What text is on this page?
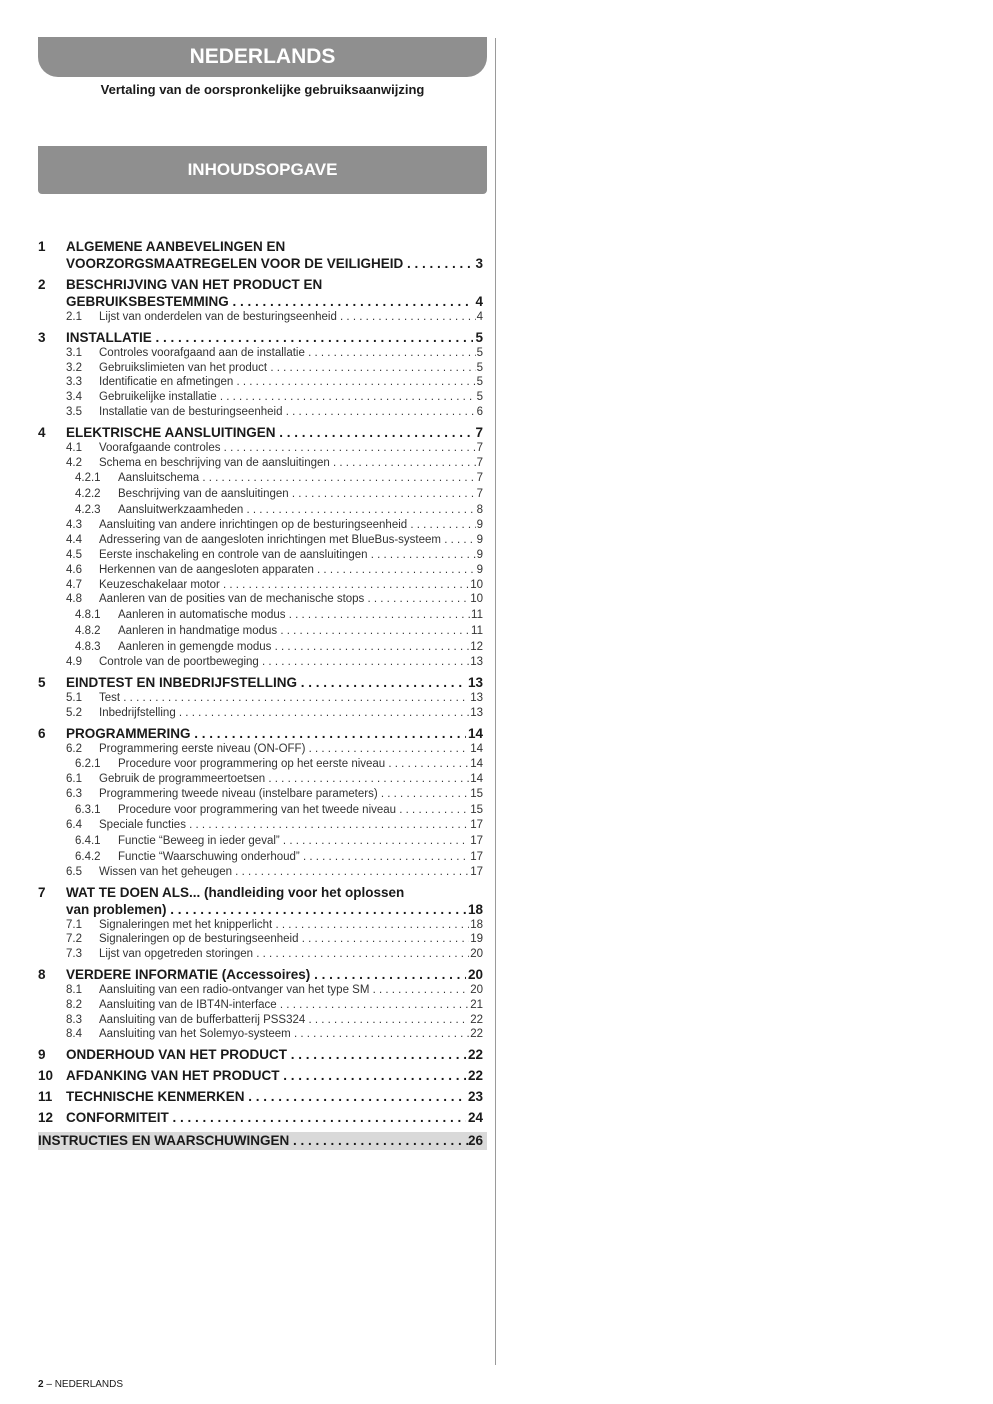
NEDERLANDS
Vertaling van de oorspronkelijke gebruiksaanwijzing
INHOUDSOPGAVE
1	ALGEMENE AANBEVELINGEN EN
VOORZORGSMAATREGELEN VOOR DE VEILIGHEID . . .	3
2	BESCHRIJVING VAN HET PRODUCT EN
GEBRUIKSBESTEMMING . . .	4
2.1	Lijst van onderdelen van de besturingseenheid . . .	4
3	INSTALLATIE . . .	5
3.1	Controles voorafgaand aan de installatie . . .	5
3.2	Gebruikslimieten van het product . . .	5
3.3	Identificatie en afmetingen . . .	5
3.4	Gebruikelijke installatie . . .	5
3.5	Installatie van de besturingseenheid . . .	6
4	ELEKTRISCHE AANSLUITINGEN . . .	7
4.1	Voorafgaande controles . . .	7
4.2	Schema en beschrijving van de aansluitingen . . .	7
4.2.1	Aansluitschema . . .	7
4.2.2	Beschrijving van de aansluitingen . . .	7
4.2.3	Aansluitwerkzaamheden . . .	8
4.3	Aansluiting van andere inrichtingen op de besturingseenheid . . .	9
4.4	Adressering van de aangesloten inrichtingen met BlueBus-systeem . . .	9
4.5	Eerste inschakeling en controle van de aansluitingen . . .	9
4.6	Herkennen van de aangesloten apparaten . . .	9
4.7	Keuzeschakelaar motor . . .	10
4.8	Aanleren van de posities van de mechanische stops . . .	10
4.8.1	Aanleren in automatische modus . . .	11
4.8.2	Aanleren in handmatige modus . . .	11
4.8.3	Aanleren in gemengde modus . . .	12
4.9	Controle van de poortbeweging . . .	13
5	EINDTEST EN INBEDRIJFSTELLING . . .	13
5.1	Test . . .	13
5.2	Inbedrijfstelling . . .	13
6	PROGRAMMERING . . .	14
6.2	Programmering eerste niveau (ON-OFF) . . .	14
6.2.1	Procedure voor programmering op het eerste niveau . . .	14
6.1	Gebruik de programmeertoetsen . . .	14
6.3	Programmering tweede niveau (instelbare parameters) . . .	15
6.3.1	Procedure voor programmering van het tweede niveau . . .	15
6.4	Speciale functies . . .	17
6.4.1	Functie “Beweeg in ieder geval” . . .	17
6.4.2	Functie “Waarschuwing onderhoud” . . .	17
6.5	Wissen van het geheugen . . .	17
7	WAT TE DOEN ALS... (handleiding voor het oplossen
van problemen) . . .	18
7.1	Signaleringen met het knipperlicht . . .	18
7.2	Signaleringen op de besturingseenheid . . .	19
7.3	Lijst van opgetreden storingen . . .	20
8	VERDERE INFORMATIE (Accessoires) . . .	20
8.1	Aansluiting van een radio-ontvanger van het type SM . . .	20
8.2	Aansluiting van de IBT4N-interface . . .	21
8.3	Aansluiting van de bufferbatterij PSS324 . . .	22
8.4	Aansluiting van het Solemyo-systeem . . .	22
9	ONDERHOUD VAN HET PRODUCT . . .	22
10 AFDANKING VAN HET PRODUCT . . .	22
11	TECHNISCHE KENMERKEN . . .	23
12 CONFORMITEIT . . .	24
INSTRUCTIES EN WAARSCHUWINGEN . . .	26
2 – NEDERLANDS
